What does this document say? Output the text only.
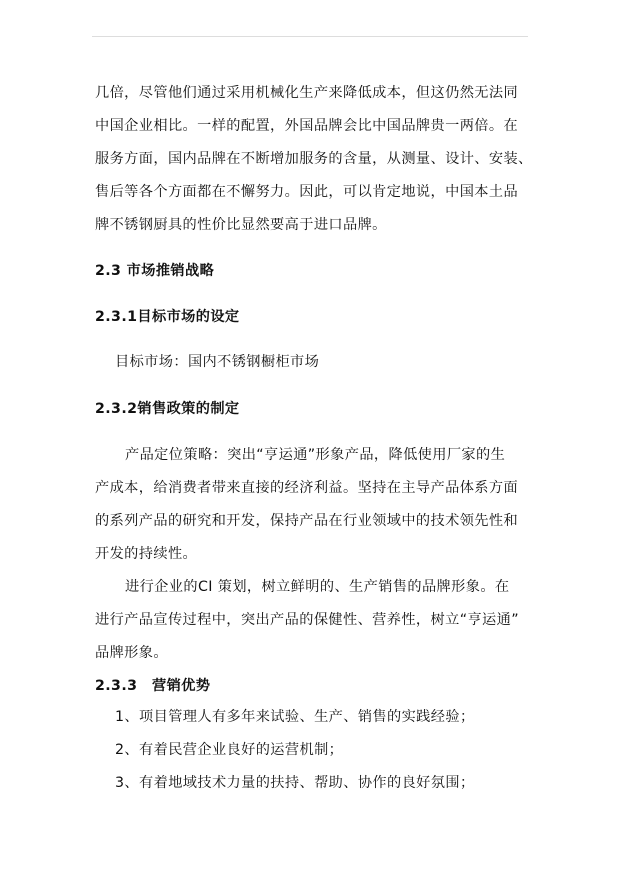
几倍，尽管他们通过采用机械化生产来降低成本，但这仍然无法同
中国企业相比。一样的配置，外国品牌会比中国品牌贵一两倍。在
服务方面，国内品牌在不断增加服务的含量，从测量、设计、安装、
售后等各个方面都在不懈努力。因此，可以肯定地说，中国本土品
牌不锈钢厨具的性价比显然要高于进口品牌。
2.3 市场推销战略
2.3.1目标市场的设定
目标市场：国内不锈钢橱柜市场
2.3.2销售政策的制定
产品定位策略：突出“亨运通”形象产品，降低使用厂家的生
产成本，给消费者带来直接的经济利益。坚持在主导产品体系方面
的系列产品的研究和开发，保持产品在行业领域中的技术领先性和
开发的持续性。
进行企业的CI 策划，树立鲜明的、生产销售的品牌形象。在
进行产品宣传过程中，突出产品的保健性、营养性，树立“亨运通”
品牌形象。
2.3.3　营销优势
1、项目管理人有多年来试验、生产、销售的实践经验；
2、有着民营企业良好的运营机制；
3、有着地域技术力量的扶持、帮助、协作的良好氛围；
